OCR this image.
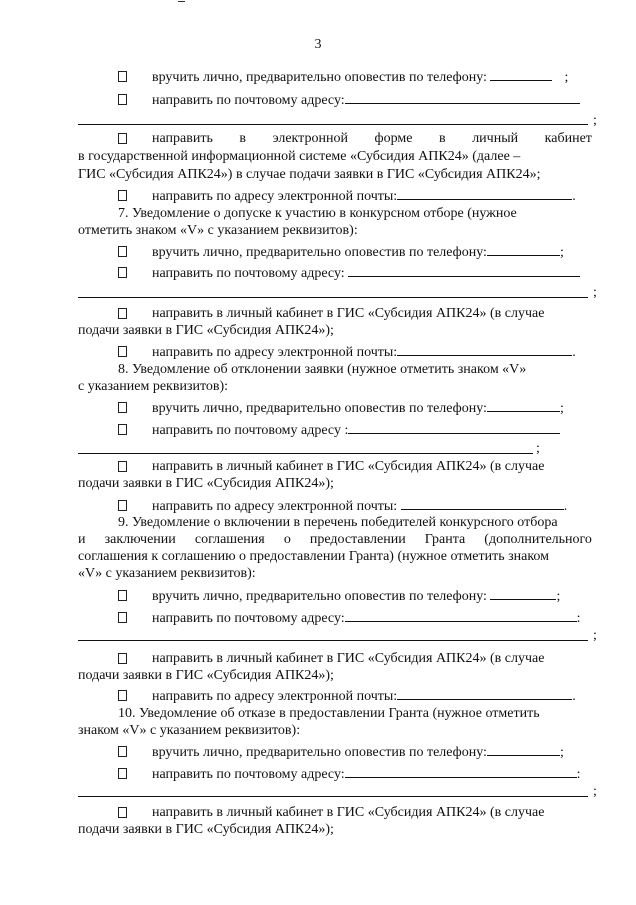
3
вручить лично, предварительно оповестив по телефону:	;
направить по почтовому адресу:
;
направить в электронной форме в личный кабинет
в государственной информационной системе «Субсидия АПК24» (далее –
ГИС «Субсидия АПК24») в случае подачи заявки в ГИС «Субсидия АПК24»;
направить по адресу электронной почты:	.
7. Уведомление о допуске к участию в конкурсном отборе (нужное
отметить знаком «V» с указанием реквизитов):
вручить лично, предварительно оповестив по телефону:	;
направить по почтовому адресу:
;
направить в личный кабинет в ГИС «Субсидия АПК24» (в случае
подачи заявки в ГИС «Субсидия АПК24»);
направить по адресу электронной почты:	.
8. Уведомление об отклонении заявки (нужное отметить знаком «V»
с указанием реквизитов):
вручить лично, предварительно оповестив по телефону:	;
направить по почтовому адресу :
;
направить в личный кабинет в ГИС «Субсидия АПК24» (в случае
подачи заявки в ГИС «Субсидия АПК24»);
направить по адресу электронной почты:	.
9. Уведомление о включении в перечень победителей конкурсного отбора
и заключении соглашения о предоставлении Гранта (дополнительного
соглашения к соглашению о предоставлении Гранта) (нужное отметить знаком
«V» с указанием реквизитов):
вручить лично, предварительно оповестив по телефону:	;
направить по почтовому адресу:	:
;
направить в личный кабинет в ГИС «Субсидия АПК24» (в случае
подачи заявки в ГИС «Субсидия АПК24»);
направить по адресу электронной почты:	.
10. Уведомление об отказе в предоставлении Гранта (нужное отметить
знаком «V» с указанием реквизитов):
вручить лично, предварительно оповестив по телефону:	;
направить по почтовому адресу:	:
;
направить в личный кабинет в ГИС «Субсидия АПК24» (в случае
подачи заявки в ГИС «Субсидия АПК24»);
